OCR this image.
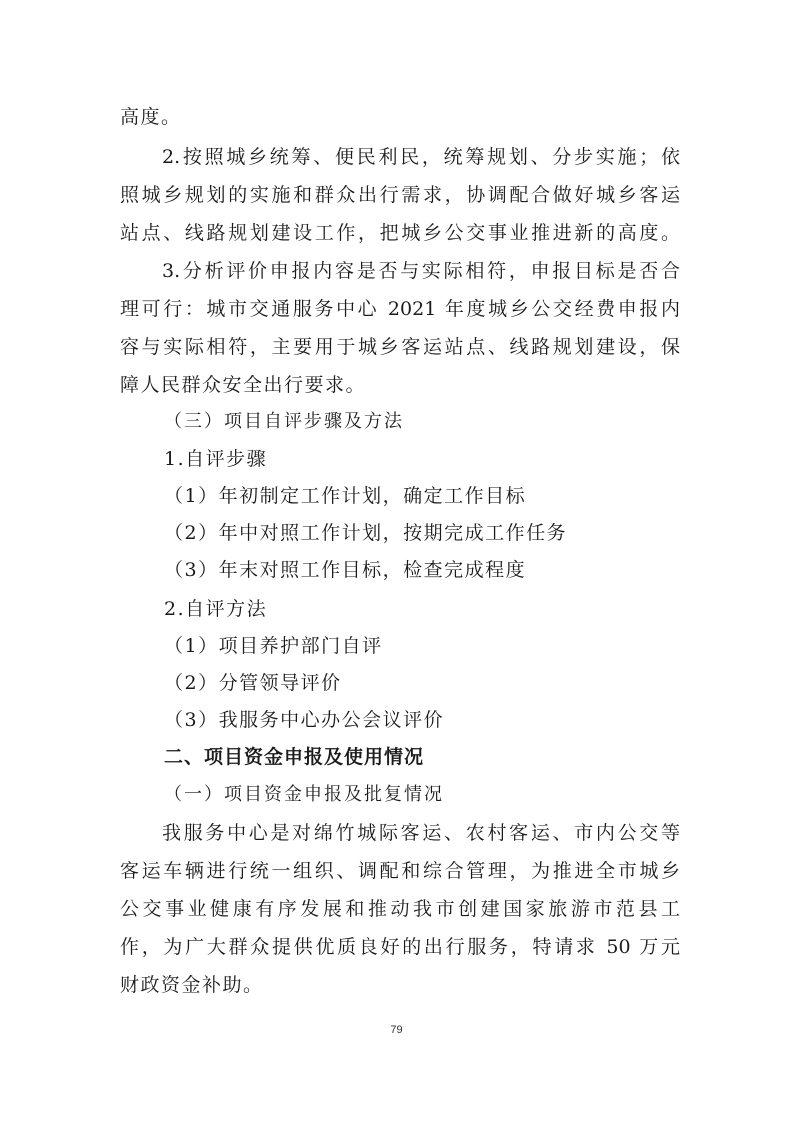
高度。
2.按照城乡统筹、便民利民，统筹规划、分步实施；依
照城乡规划的实施和群众出行需求，协调配合做好城乡客运
站点、线路规划建设工作，把城乡公交事业推进新的高度。
3.分析评价申报内容是否与实际相符，申报目标是否合
理可行：城市交通服务中心 2021 年度城乡公交经费申报内
容与实际相符，主要用于城乡客运站点、线路规划建设，保
障人民群众安全出行要求。
（三）项目自评步骤及方法
1.自评步骤
（1）年初制定工作计划，确定工作目标
（2）年中对照工作计划，按期完成工作任务
（3）年末对照工作目标，检查完成程度
2.自评方法
（1）项目养护部门自评
（2）分管领导评价
（3）我服务中心办公会议评价
二、项目资金申报及使用情况
（一）项目资金申报及批复情况
我服务中心是对绵竹城际客运、农村客运、市内公交等
客运车辆进行统一组织、调配和综合管理，为推进全市城乡
公交事业健康有序发展和推动我市创建国家旅游市范县工
作，为广大群众提供优质良好的出行服务，特请求 50 万元
财政资金补助。
79
